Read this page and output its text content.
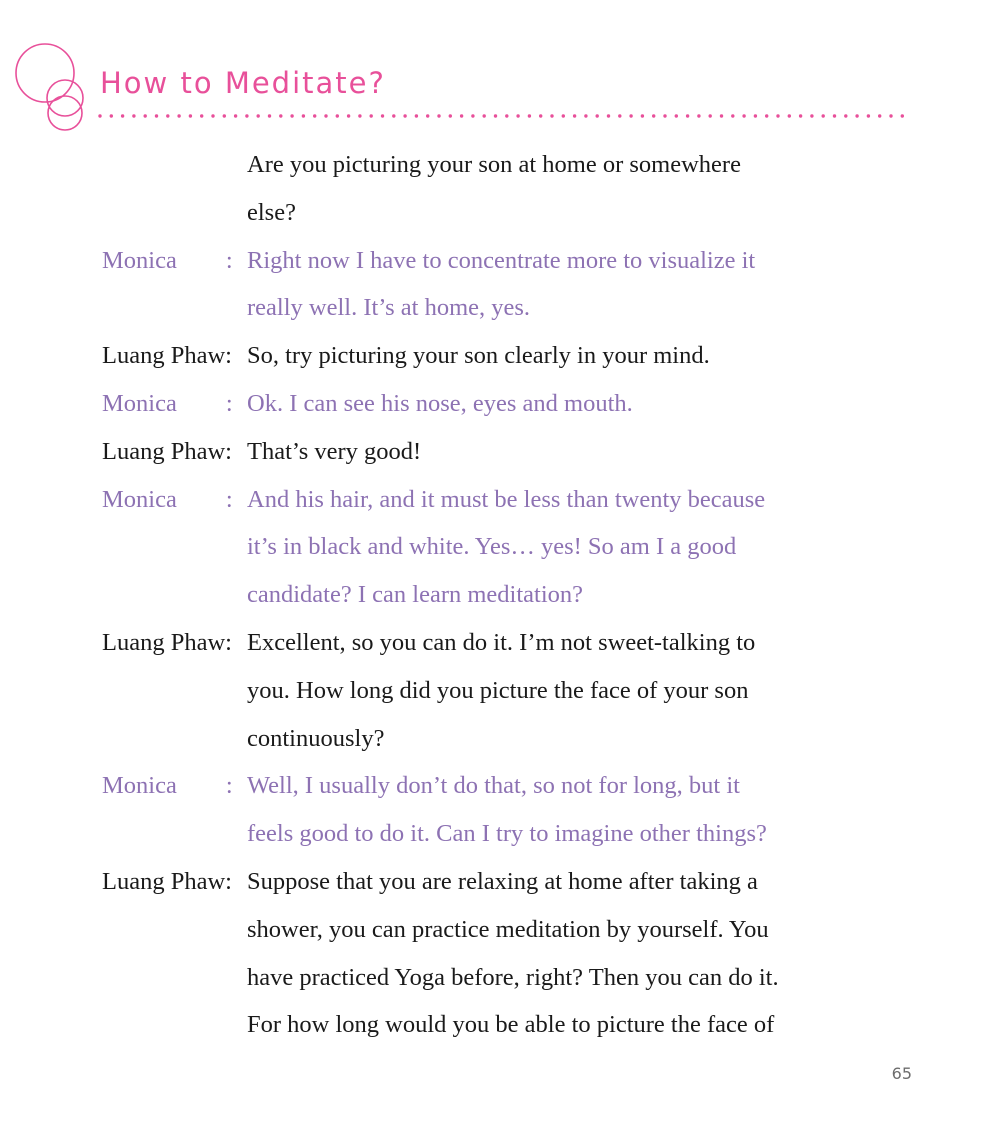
How to Meditate?
Are you picturing your son at home or somewhere
else?
Monica        : Right now I have to concentrate more to visualize it
really well. It’s at home, yes.
Luang Phaw: So, try picturing your son clearly in your mind.
Monica        : Ok. I can see his nose, eyes and mouth.
Luang Phaw: That’s very good!
Monica        : And his hair, and it must be less than twenty because
it’s in black and white. Yes… yes! So am I a good
candidate? I can learn meditation?
Luang Phaw: Excellent, so you can do it. I’m not sweet-talking to
you. How long did you picture the face of your son
continuously?
Monica        : Well, I usually don’t do that, so not for long, but it
feels good to do it. Can I try to imagine other things?
Luang Phaw: Suppose that you are relaxing at home after taking a
shower, you can practice meditation by yourself. You
have practiced Yoga before, right? Then you can do it.
For how long would you be able to picture the face of
65
